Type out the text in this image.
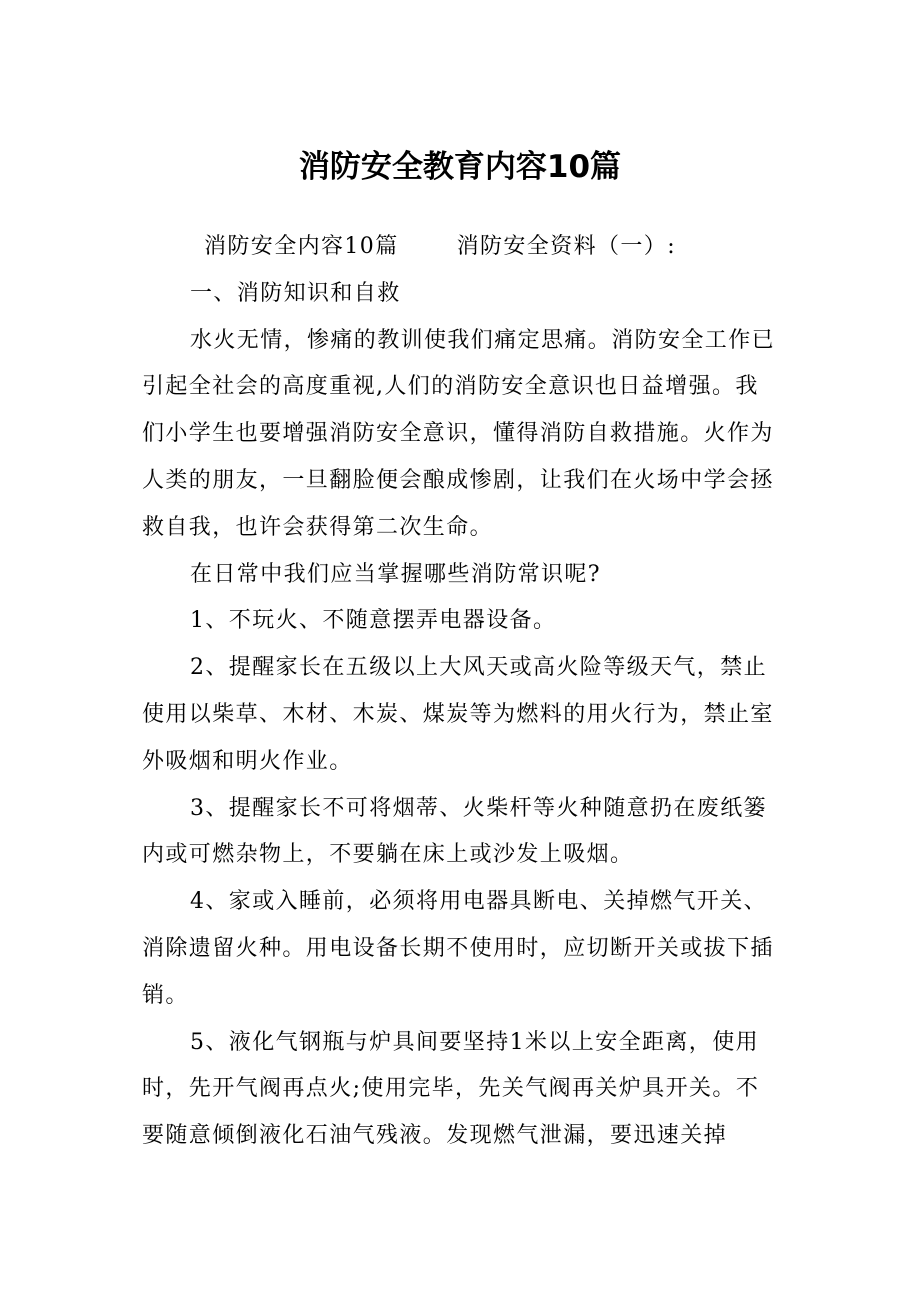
消防安全教育内容10篇

消防安全内容10篇	消防安全资料（一）:

一、消防知识和自救

水火无情，惨痛的教训使我们痛定思痛。消防安全工作已引起全社会的高度重视,人们的消防安全意识也日益增强。我们小学生也要增强消防安全意识，懂得消防自救措施。火作为人类的朋友，一旦翻脸便会酿成惨剧，让我们在火场中学会拯救自我，也许会获得第二次生命。

在日常中我们应当掌握哪些消防常识呢?

1、不玩火、不随意摆弄电器设备。

2、提醒家长在五级以上大风天或高火险等级天气，禁止使用以柴草、木材、木炭、煤炭等为燃料的用火行为，禁止室外吸烟和明火作业。

3、提醒家长不可将烟蒂、火柴杆等火种随意扔在废纸篓内或可燃杂物上，不要躺在床上或沙发上吸烟。

4、家或入睡前，必须将用电器具断电、关掉燃气开关、消除遗留火种。用电设备长期不使用时，应切断开关或拔下插销。

5、液化气钢瓶与炉具间要坚持1米以上安全距离，使用时，先开气阀再点火;使用完毕，先关气阀再关炉具开关。不要随意倾倒液化石油气残液。发现燃气泄漏，要迅速关掉
